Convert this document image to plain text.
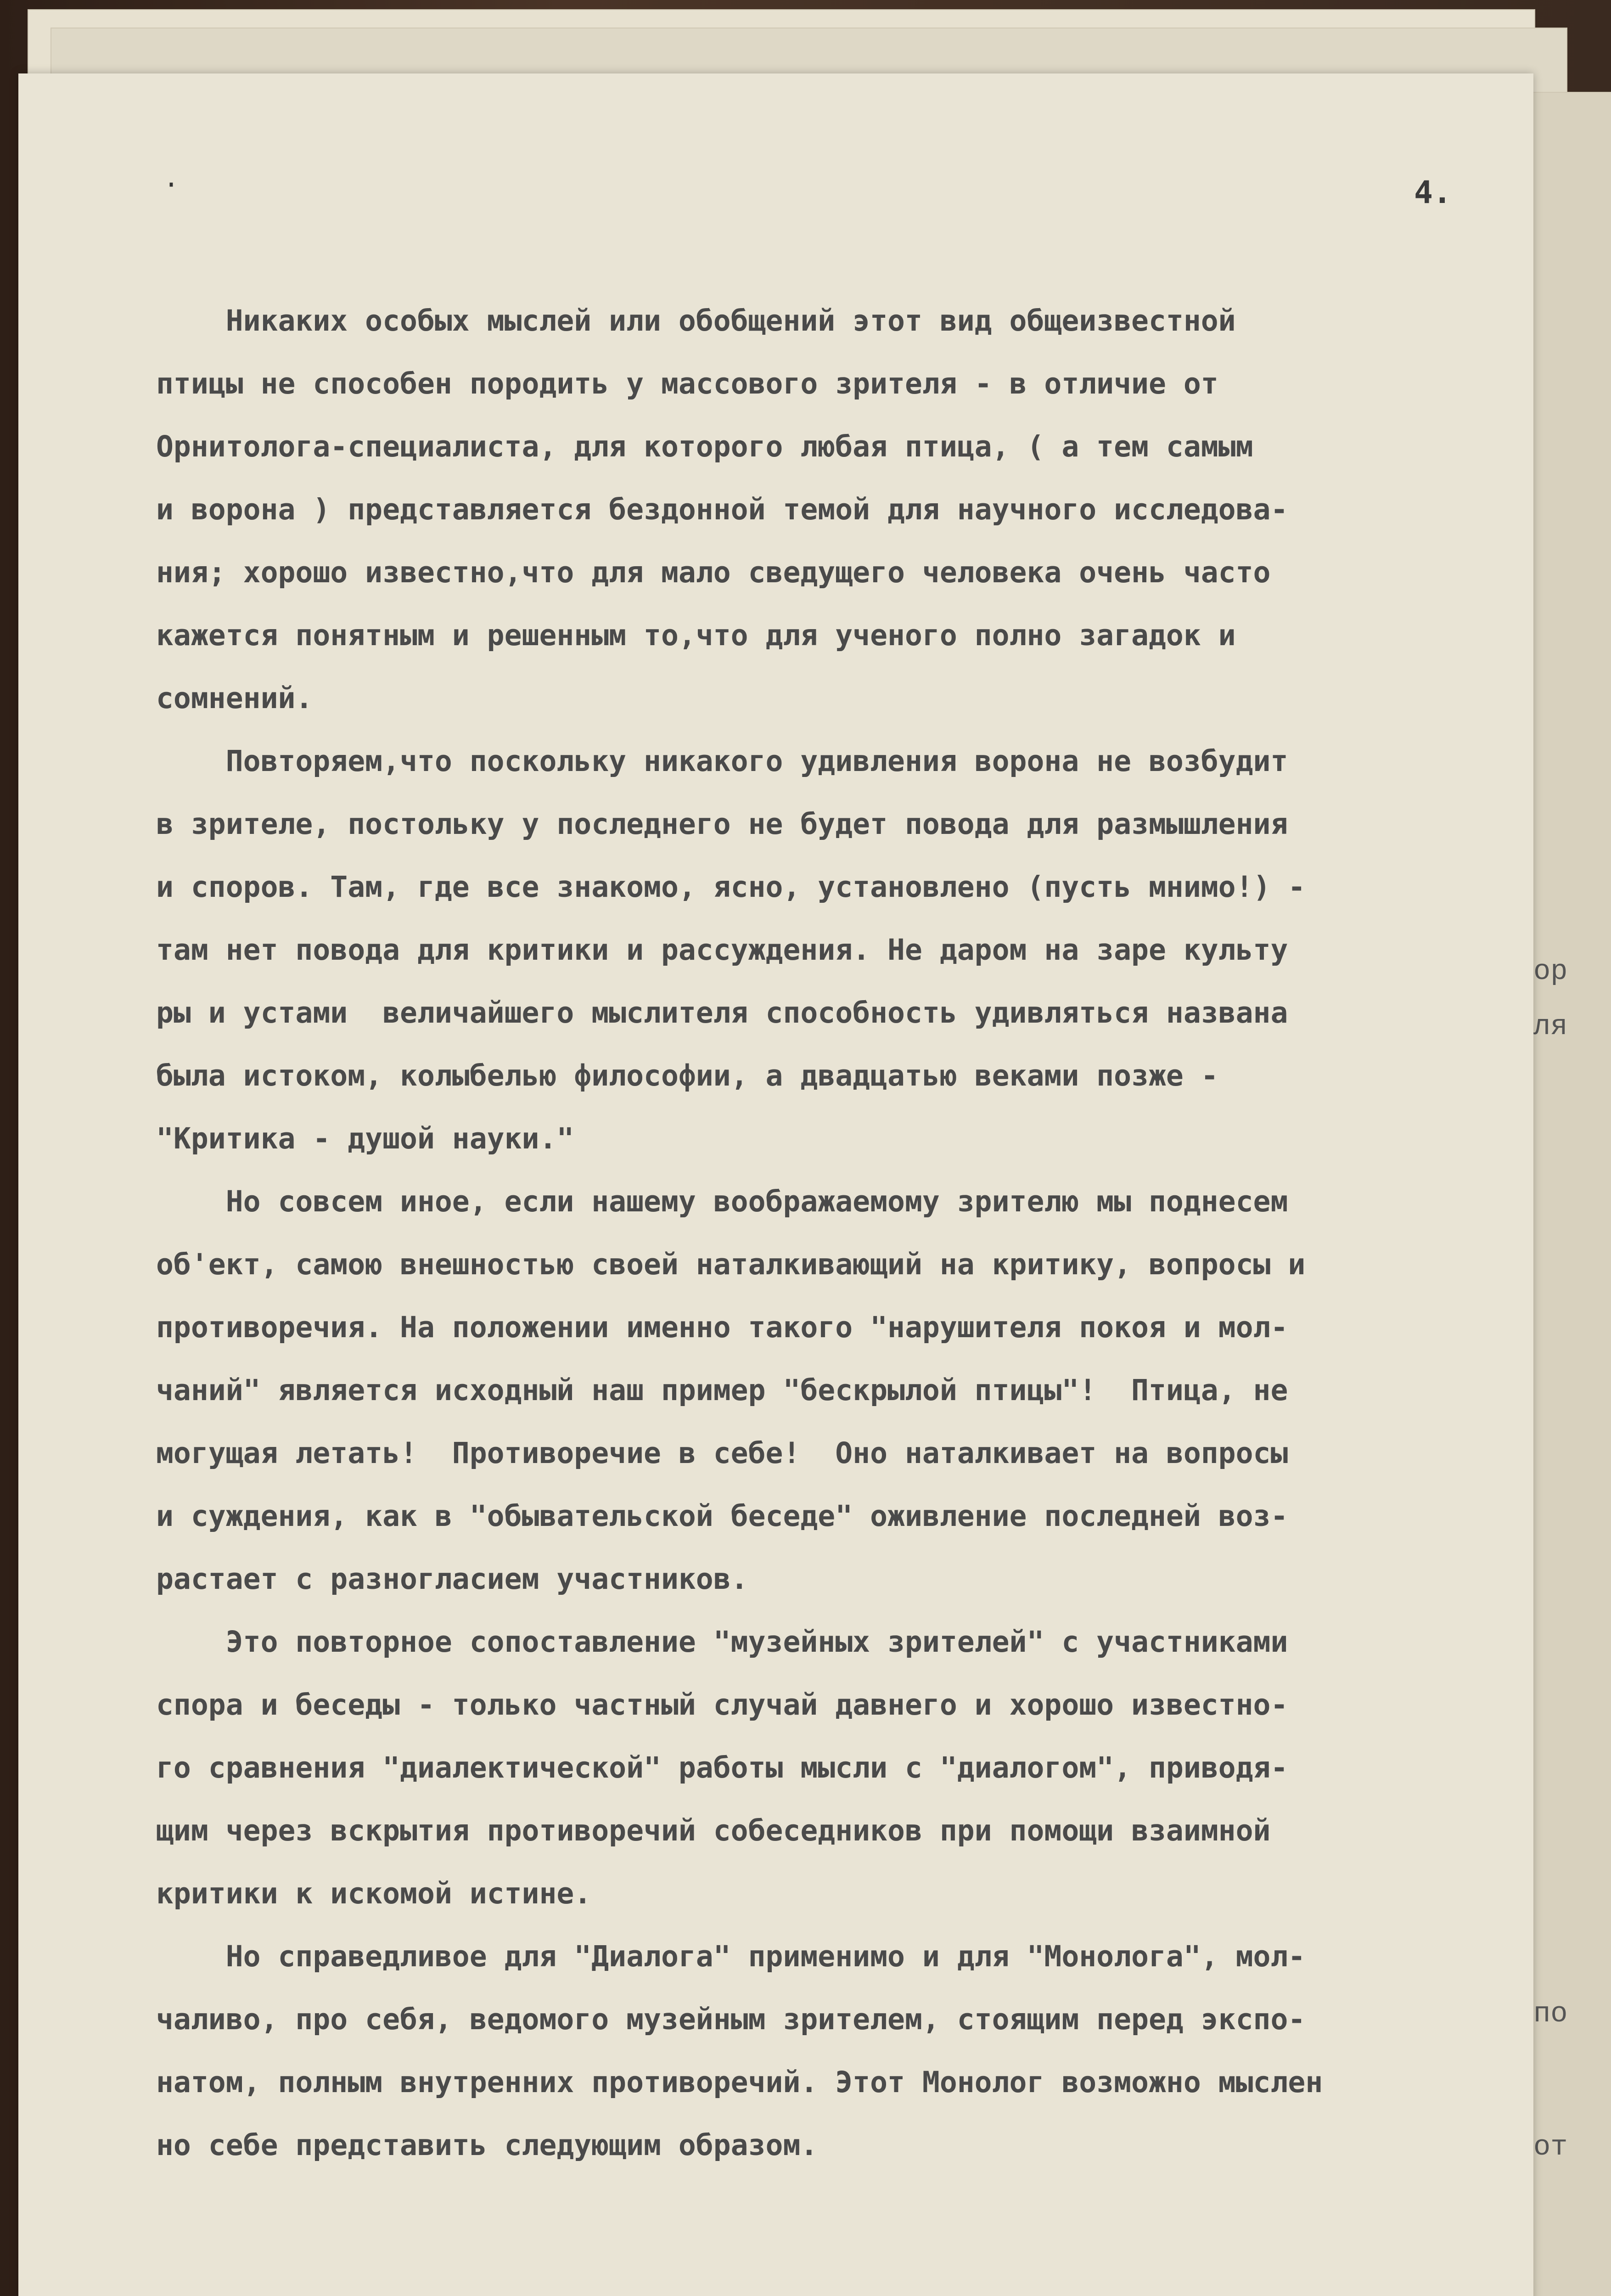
ор
ля
по
от
·	4.
Никаких особых мыслей или обобщений этот вид общеизвестной
птицы не способен породить у массового зрителя - в отличие от
Орнитолога-специалиста, для которого любая птица, ( а тем самым
и ворона ) представляется бездонной темой для научного исследова-
ния; хорошо известно,что для мало сведущего человека очень часто
кажется понятным и решенным то,что для ученого полно загадок и
сомнений.
Повторяем,что поскольку никакого удивления ворона не возбудит
в зрителе, постольку у последнего не будет повода для размышления
и споров. Там, где все знакомо, ясно, установлено (пусть мнимо!) -
там нет повода для критики и рассуждения. Не даром на заре культу
ры и устами  величайшего мыслителя способность удивляться названа
была истоком, колыбелью философии, а двадцатью веками позже -
"Критика - душой науки."
Но совсем иное, если нашему воображаемому зрителю мы поднесем
об'ект, самою внешностью своей наталкивающий на критику, вопросы и
противоречия. На положении именно такого "нарушителя покоя и мол-
чаний" является исходный наш пример "бескрылой птицы"!  Птица, не
могущая летать!  Противоречие в себе!  Оно наталкивает на вопросы
и суждения, как в "обывательской беседе" оживление последней воз-
растает с разногласием участников.
Это повторное сопоставление "музейных зрителей" с участниками
спора и беседы - только частный случай давнего и хорошо известно-
го сравнения "диалектической" работы мысли с "диалогом", приводя-
щим через вскрытия противоречий собеседников при помощи взаимной
критики к искомой истине.
Но справедливое для "Диалога" применимо и для "Монолога", мол-
чаливо, про себя, ведомого музейным зрителем, стоящим перед экспо-
натом, полным внутренних противоречий. Этот Монолог возможно мыслен
но себе представить следующим образом.
